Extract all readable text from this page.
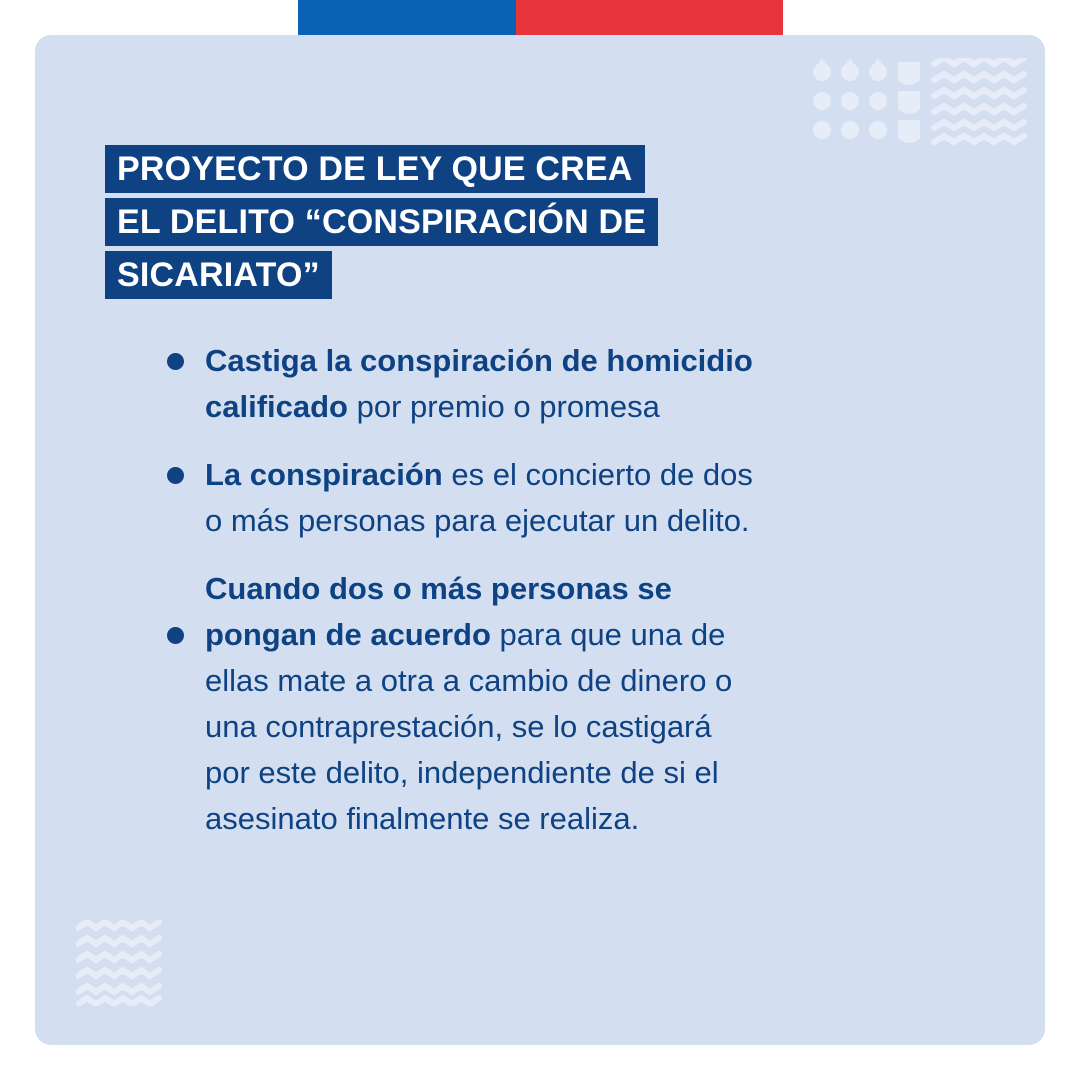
PROYECTO DE LEY QUE CREA
EL DELITO “CONSPIRACIÓN DE
SICARIATO”

Castiga la conspiración de homicidio

calificado por premio o promesa

La conspiración es el concierto de dos

o más personas para ejecutar un delito.

Cuando dos o más personas se

pongan de acuerdo para que una de

ellas mate a otra a cambio de dinero o

una contraprestación, se lo castigará

por este delito, independiente de si el

asesinato finalmente se realiza.
